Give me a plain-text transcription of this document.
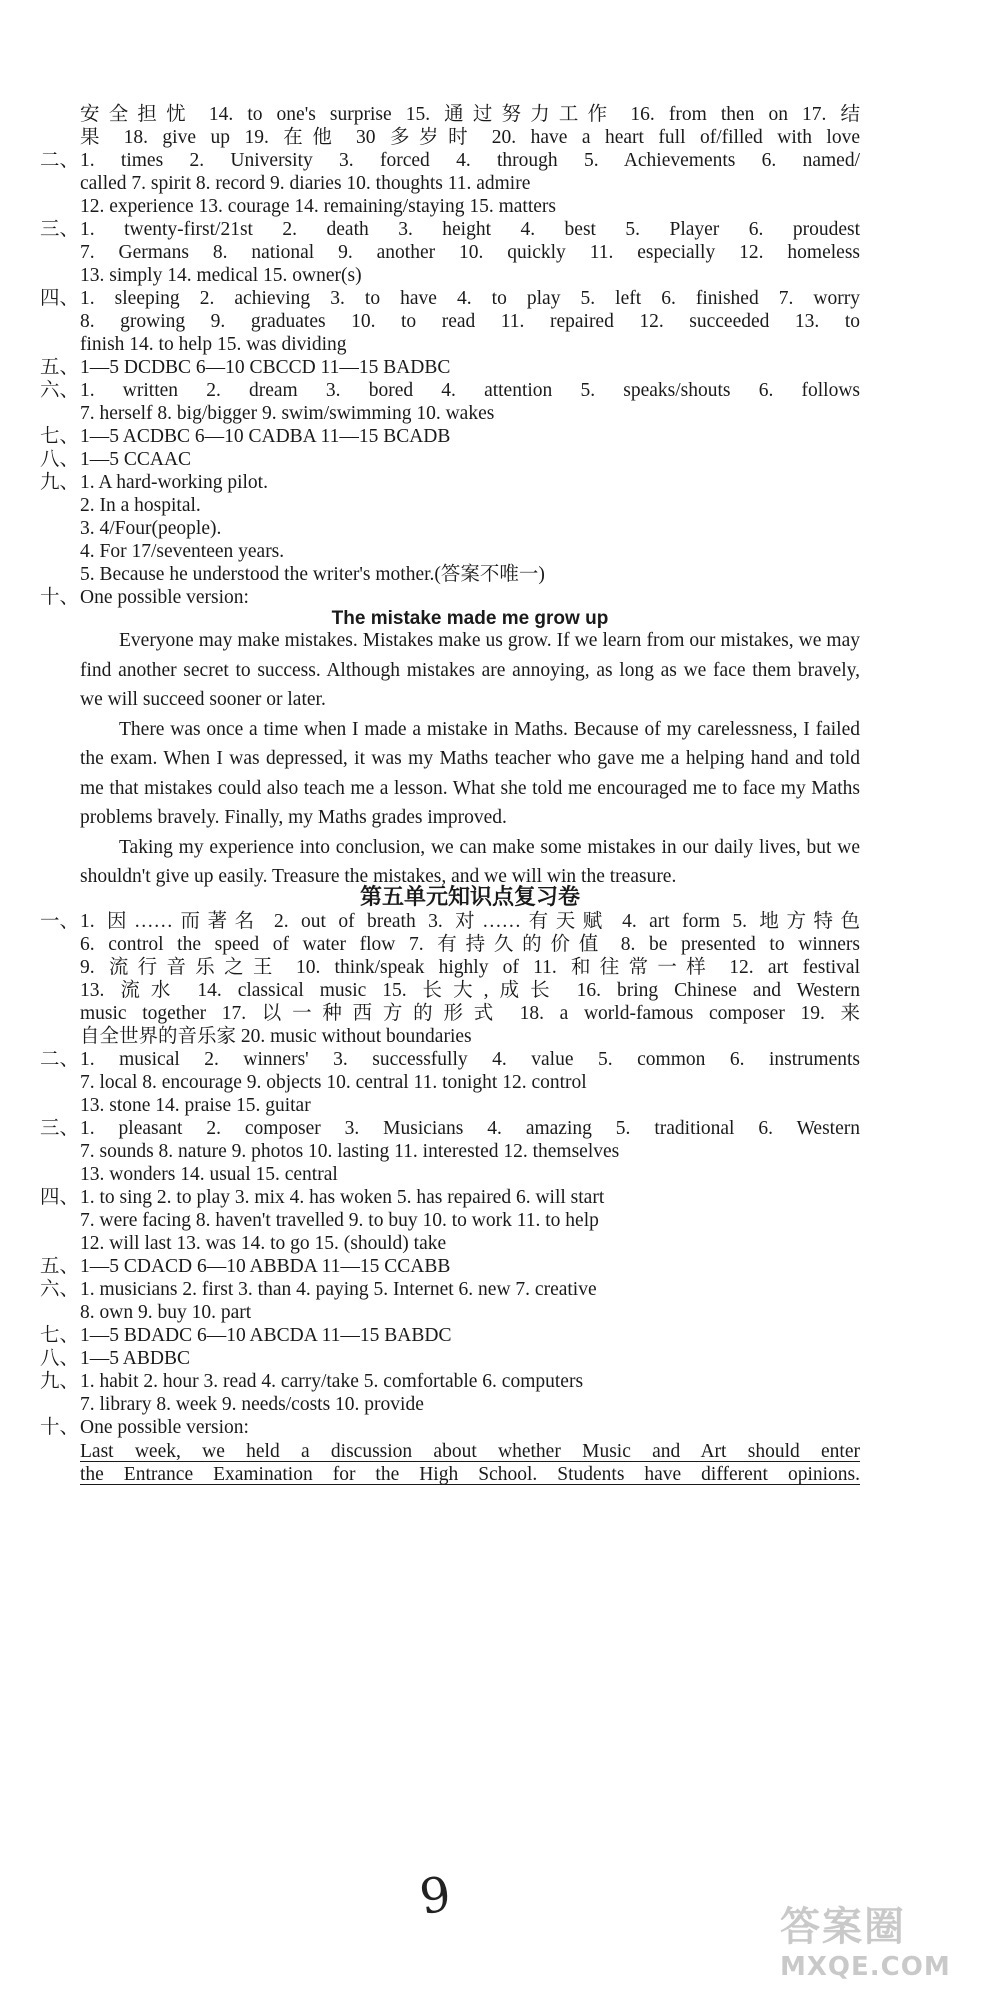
安全担忧 14. to one's surprise 15. 通过努力工作 16. from then on 17. 结
果 18. give up 19. 在他 30 多岁时 20. have a heart full of/filled with love
二、 1. times 2. University 3. forced 4. through 5. Achievements 6. named/
called 7. spirit 8. record 9. diaries 10. thoughts 11. admire
12. experience 13. courage 14. remaining/staying 15. matters
三、 1. twenty-first/21st 2. death 3. height 4. best 5. Player 6. proudest
7. Germans 8. national 9. another 10. quickly 11. especially 12. homeless
13. simply 14. medical 15. owner(s)
四、 1. sleeping 2. achieving 3. to have 4. to play 5. left 6. finished 7. worry
8. growing 9. graduates 10. to read 11. repaired 12. succeeded 13. to
finish 14. to help 15. was dividing
五、 1—5 DCDBC 6—10 CBCCD 11—15 BADBC
六、 1. written 2. dream 3. bored 4. attention 5. speaks/shouts 6. follows
7. herself 8. big/bigger 9. swim/swimming 10. wakes
七、 1—5 ACDBC 6—10 CADBA 11—15 BCADB
八、 1—5 CCAAC
九、 1. A hard-working pilot.
2. In a hospital.
3. 4/Four(people).
4. For 17/seventeen years.
5. Because he understood the writer's mother.(答案不唯一)
十、 One possible version:
The mistake made me grow up

Everyone may make mistakes. Mistakes make us grow. If we learn from our mistakes, we may find another secret to success. Although mistakes are annoying, as long as we face them bravely, we will succeed sooner or later.

There was once a time when I made a mistake in Maths. Because of my carelessness, I failed the exam. When I was depressed, it was my Maths teacher who gave me a helping hand and told me that mistakes could also teach me a lesson. What she told me encouraged me to face my Maths problems bravely. Finally, my Maths grades improved.

Taking my experience into conclusion, we can make some mistakes in our daily lives, but we shouldn't give up easily. Treasure the mistakes, and we will win the treasure.

第五单元知识点复习卷
一、 1. 因……而著名 2. out of breath 3. 对……有天赋 4. art form 5. 地方特色
6. control the speed of water flow 7. 有持久的价值 8. be presented to winners
9. 流行音乐之王 10. think/speak highly of 11. 和往常一样 12. art festival
13. 流水 14. classical music 15. 长大,成长 16. bring Chinese and Western
music together 17. 以一种西方的形式 18. a world-famous composer 19. 来
自全世界的音乐家 20. music without boundaries
二、 1. musical 2. winners' 3. successfully 4. value 5. common 6. instruments
7. local 8. encourage 9. objects 10. central 11. tonight 12. control
13. stone 14. praise 15. guitar
三、 1. pleasant 2. composer 3. Musicians 4. amazing 5. traditional 6. Western
7. sounds 8. nature 9. photos 10. lasting 11. interested 12. themselves
13. wonders 14. usual 15. central
四、 1. to sing 2. to play 3. mix 4. has woken 5. has repaired 6. will start
7. were facing 8. haven't travelled 9. to buy 10. to work 11. to help
12. will last 13. was 14. to go 15. (should) take
五、 1—5 CDACD 6—10 ABBDA 11—15 CCABB
六、 1. musicians 2. first 3. than 4. paying 5. Internet 6. new 7. creative
8. own 9. buy 10. part
七、 1—5 BDADC 6—10 ABCDA 11—15 BABDC
八、 1—5 ABDBC
九、 1. habit 2. hour 3. read 4. carry/take 5. comfortable 6. computers
7. library 8. week 9. needs/costs 10. provide
十、 One possible version:
Last week, we held a discussion about whether Music and Art should enter
the Entrance Examination for the High School. Students have different opinions.
9
答案圈
MXQE.COM
